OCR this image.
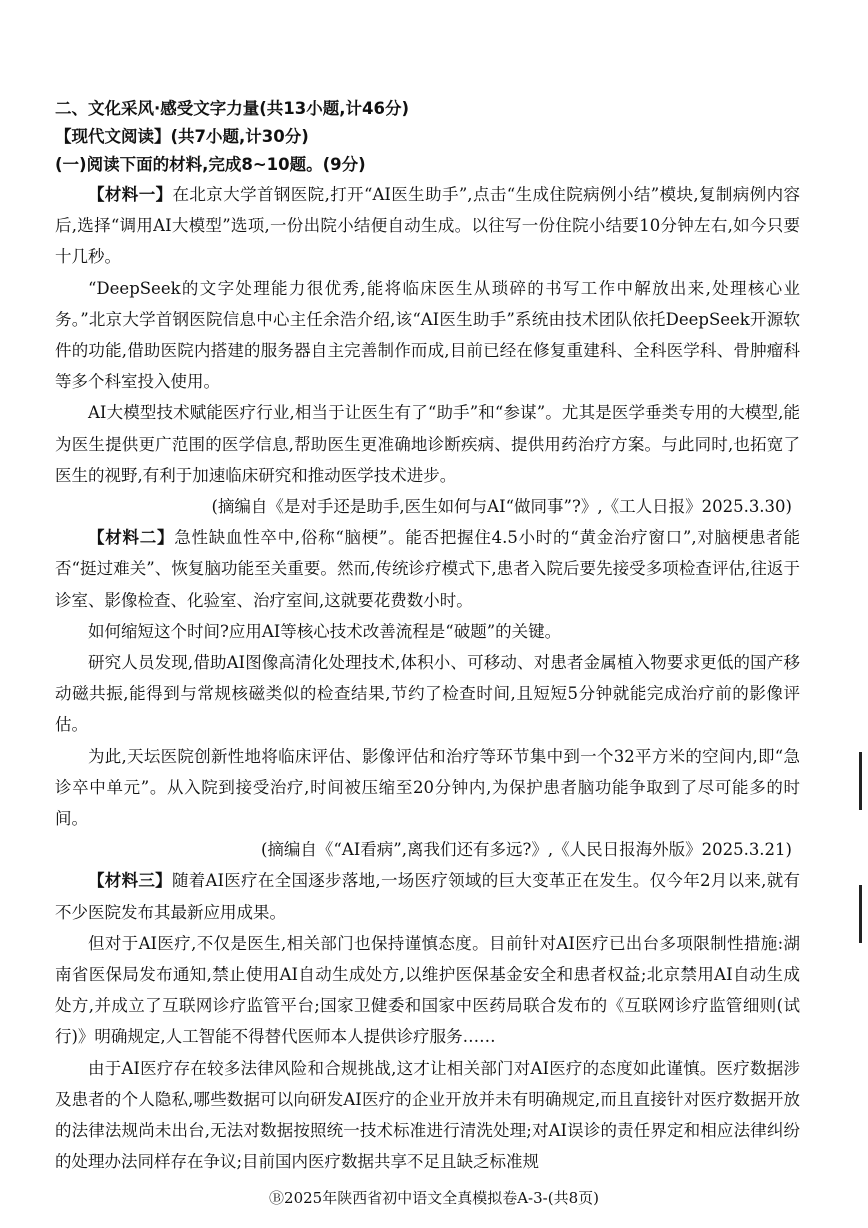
二、文化采风·感受文字力量(共13小题,计46分)

【现代文阅读】(共7小题,计30分)

(一)阅读下面的材料,完成8~10题。(9分)

【材料一】在北京大学首钢医院,打开“AI医生助手”,点击“生成住院病例小结”模块,复制病例内容后,选择“调用AI大模型”选项,一份出院小结便自动生成。以往写一份住院小结要10分钟左右,如今只要十几秒。

“DeepSeek的文字处理能力很优秀,能将临床医生从琐碎的书写工作中解放出来,处理核心业务。”北京大学首钢医院信息中心主任余浩介绍,该“AI医生助手”系统由技术团队依托DeepSeek开源软件的功能,借助医院内搭建的服务器自主完善制作而成,目前已经在修复重建科、全科医学科、骨肿瘤科等多个科室投入使用。

AI大模型技术赋能医疗行业,相当于让医生有了“助手”和“参谋”。尤其是医学垂类专用的大模型,能为医生提供更广范围的医学信息,帮助医生更准确地诊断疾病、提供用药治疗方案。与此同时,也拓宽了医生的视野,有利于加速临床研究和推动医学技术进步。

(摘编自《是对手还是助手,医生如何与AI“做同事”?》,《工人日报》2025.3.30)

【材料二】急性缺血性卒中,俗称“脑梗”。能否把握住4.5小时的“黄金治疗窗口”,对脑梗患者能否“挺过难关”、恢复脑功能至关重要。然而,传统诊疗模式下,患者入院后要先接受多项检查评估,往返于诊室、影像检查、化验室、治疗室间,这就要花费数小时。

如何缩短这个时间?应用AI等核心技术改善流程是“破题”的关键。

研究人员发现,借助AI图像高清化处理技术,体积小、可移动、对患者金属植入物要求更低的国产移动磁共振,能得到与常规核磁类似的检查结果,节约了检查时间,且短短5分钟就能完成治疗前的影像评估。

为此,天坛医院创新性地将临床评估、影像评估和治疗等环节集中到一个32平方米的空间内,即“急诊卒中单元”。从入院到接受治疗,时间被压缩至20分钟内,为保护患者脑功能争取到了尽可能多的时间。

(摘编自《“AI看病”,离我们还有多远?》,《人民日报海外版》2025.3.21)

【材料三】随着AI医疗在全国逐步落地,一场医疗领域的巨大变革正在发生。仅今年2月以来,就有不少医院发布其最新应用成果。

但对于AI医疗,不仅是医生,相关部门也保持谨慎态度。目前针对AI医疗已出台多项限制性措施:湖南省医保局发布通知,禁止使用AI自动生成处方,以维护医保基金安全和患者权益;北京禁用AI自动生成处方,并成立了互联网诊疗监管平台;国家卫健委和国家中医药局联合发布的《互联网诊疗监管细则(试行)》明确规定,人工智能不得替代医师本人提供诊疗服务……

由于AI医疗存在较多法律风险和合规挑战,这才让相关部门对AI医疗的态度如此谨慎。医疗数据涉及患者的个人隐私,哪些数据可以向研发AI医疗的企业开放并未有明确规定,而且直接针对医疗数据开放的法律法规尚未出台,无法对数据按照统一技术标准进行清洗处理;对AI误诊的责任界定和相应法律纠纷的处理办法同样存在争议;目前国内医疗数据共享不足且缺乏标准规

Ⓑ2025年陕西省初中语文全真模拟卷A-3-(共8页)
